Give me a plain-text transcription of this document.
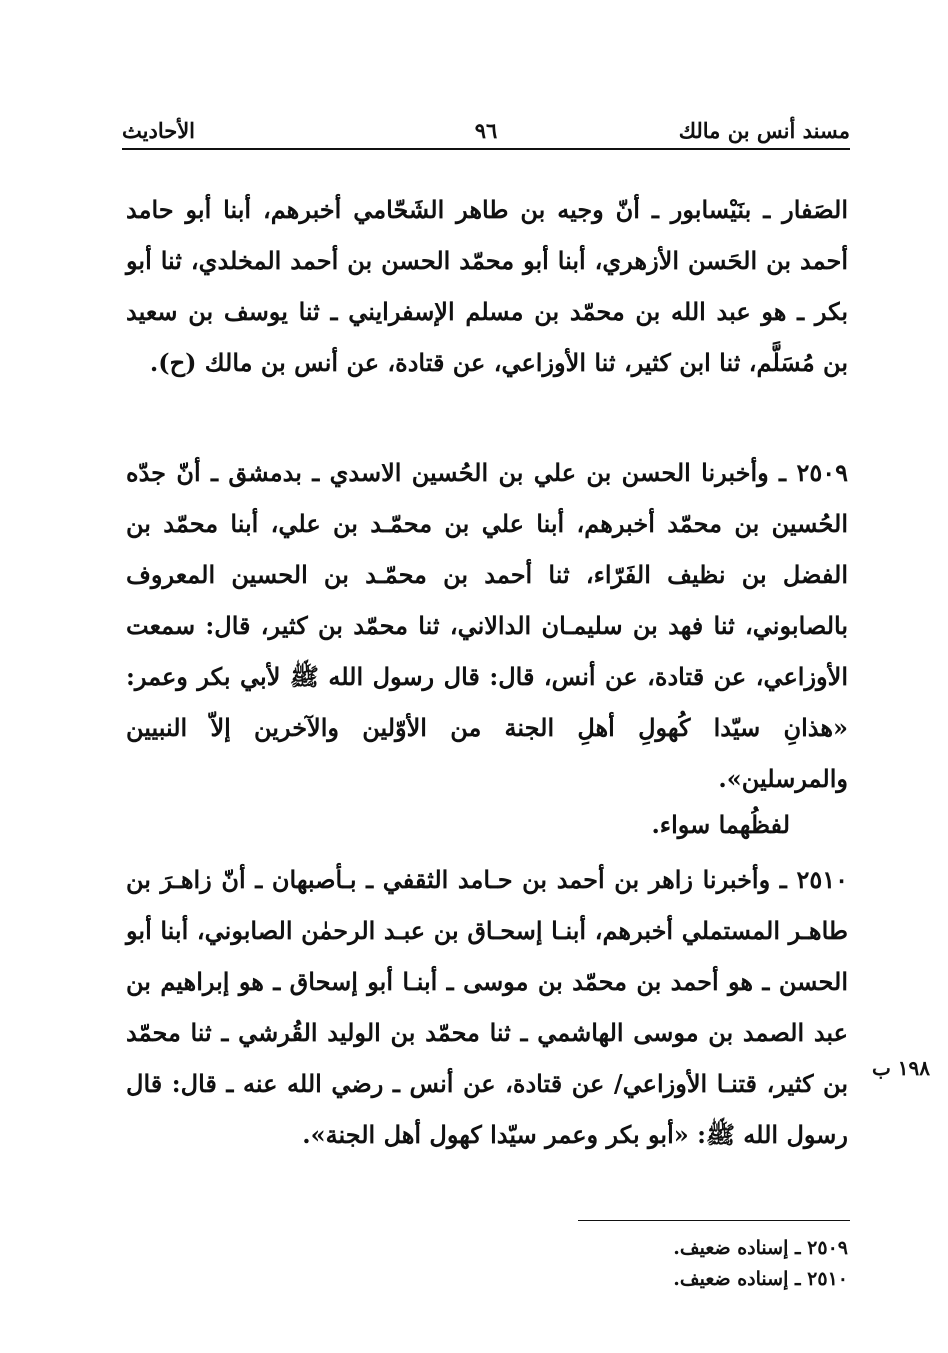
مسند أنس بن مالك
٩٦
الأحاديث

الصَفار ـ بنَيْسابور ـ أنّ وجيه بن طاهر الشَحّامي أخبرهم، أبنا أبو حامد أحمد بن الحَسن الأزهري، أبنا أبو محمّد الحسن بن أحمد المخلدي، ثنا أبو بكر ـ هو عبد الله بن محمّد بن مسلم الإسفرايني ـ ثنا يوسف بن سعيد بن مُسَلَّم، ثنا ابن كثير، ثنا الأوزاعي، عن قتادة، عن أنس بن مالك (ح).

٢٥٠٩ ـ وأخبرنا الحسن بن علي بن الحُسين الاسدي ـ بدمشق ـ أنّ جدّه الحُسين بن محمّد أخبرهم، أبنا علي بن محمّـد بن علي، أبنا محمّد بن الفضل بن نظيف الفَرّاء، ثنا أحمد بن محمّـد بن الحسين المعروف بالصابوني، ثنا فهد بن سليمـان الدالاني، ثنا محمّد بن كثير، قال: سمعت الأوزاعي، عن قتادة، عن أنس، قال: قال رسول الله ﷺ لأبي بكر وعمر: «هذانِ سيّدا كُهولِ أهلِ الجنة من الأوّلين والآخرين إلاّ النبيين والمرسلين».

لفظُهما سواء.

٢٥١٠ ـ وأخبرنا زاهر بن أحمد بن حـامد الثقفي ـ بـأصبهان ـ أنّ زاهـرَ بن طاهـر المستملي أخبرهم، أبنـا إسحـاق بن عبـد الرحمٰن الصابوني، أبنا أبو الحسن ـ هو أحمد بن محمّد بن موسى ـ أبنـا أبو إسحاق ـ هو إبراهيم بن عبد الصمد بن موسى الهاشمي ـ ثنا محمّد بن الوليد القُرشي ـ ثنا محمّد بن كثير، قتنـا الأوزاعي/ عن قتادة، عن أنس ـ رضي الله عنه ـ قال: قال رسول الله ﷺ: «أبو بكر وعمر سيّدا كهول أهل الجنة».

١٩٨ ب

٢٥٠٩ ـ إسناده ضعيف.

٢٥١٠ ـ إسناده ضعيف.
